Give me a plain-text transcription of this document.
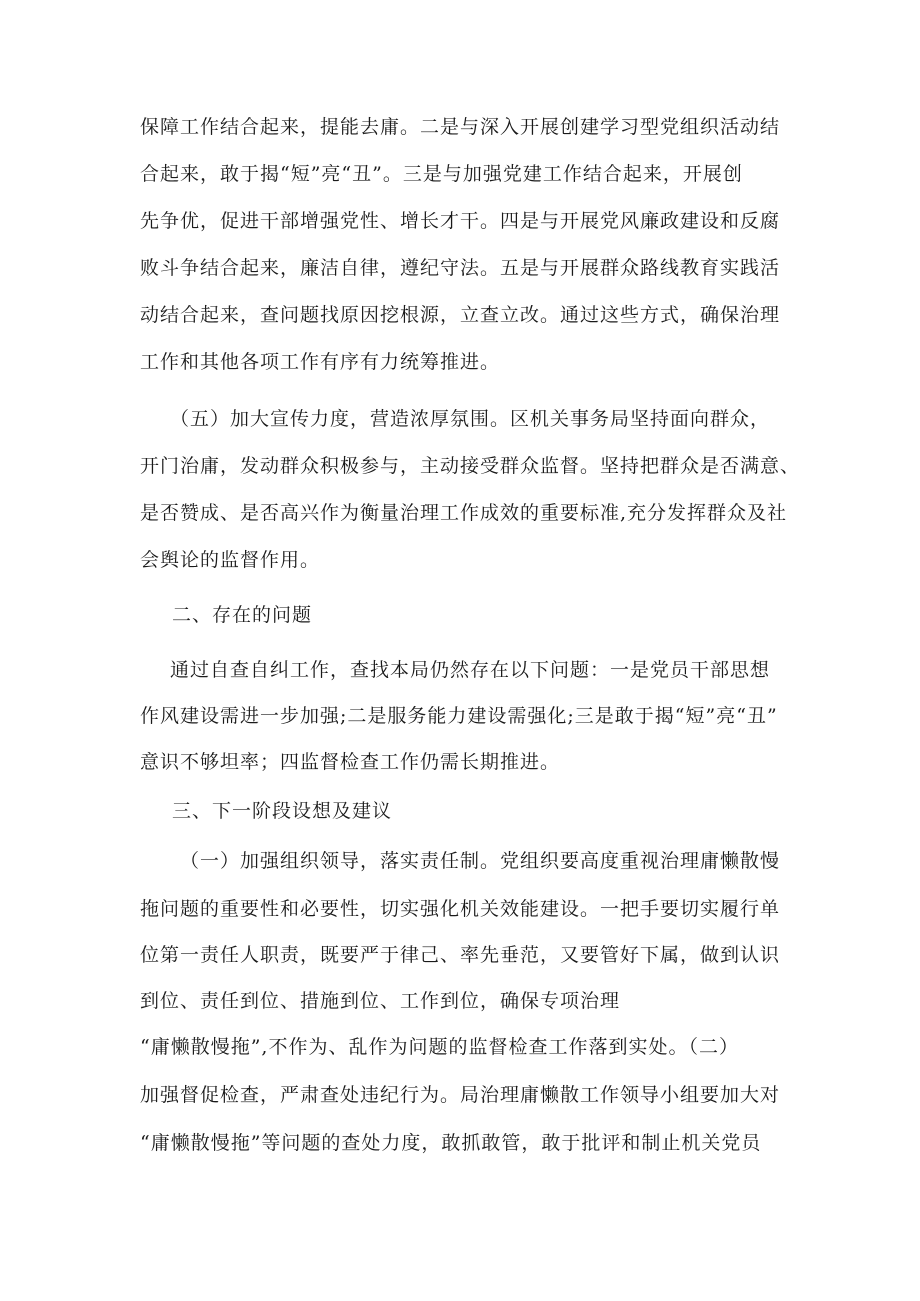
保障工作结合起来，提能去庸。二是与深入开展创建学习型党组织活动结
合起来，敢于揭“短”亮“丑”。三是与加强党建工作结合起来，开展创
先争优，促进干部增强党性、增长才干。四是与开展党风廉政建设和反腐
败斗争结合起来，廉洁自律，遵纪守法。五是与开展群众路线教育实践活
动结合起来，查问题找原因挖根源，立查立改。通过这些方式，确保治理
工作和其他各项工作有序有力统筹推进。
（五）加大宣传力度，营造浓厚氛围。区机关事务局坚持面向群众，
开门治庸，发动群众积极参与，主动接受群众监督。坚持把群众是否满意、
是否赞成、是否高兴作为衡量治理工作成效的重要标准,充分发挥群众及社
会舆论的监督作用。
二、存在的问题
通过自查自纠工作，查找本局仍然存在以下问题：一是党员干部思想
作风建设需进一步加强;二是服务能力建设需强化;三是敢于揭“短”亮“丑”
意识不够坦率；四监督检查工作仍需长期推进。
三、下一阶段设想及建议
（一）加强组织领导，落实责任制。党组织要高度重视治理庸懒散慢
拖问题的重要性和必要性，切实强化机关效能建设。一把手要切实履行单
位第一责任人职责，既要严于律己、率先垂范，又要管好下属，做到认识
到位、责任到位、措施到位、工作到位，确保专项治理
“庸懒散慢拖”,不作为、乱作为问题的监督检查工作落到实处。（二）
加强督促检查，严肃查处违纪行为。局治理庸懒散工作领导小组要加大对
“庸懒散慢拖”等问题的查处力度，敢抓敢管，敢于批评和制止机关党员
